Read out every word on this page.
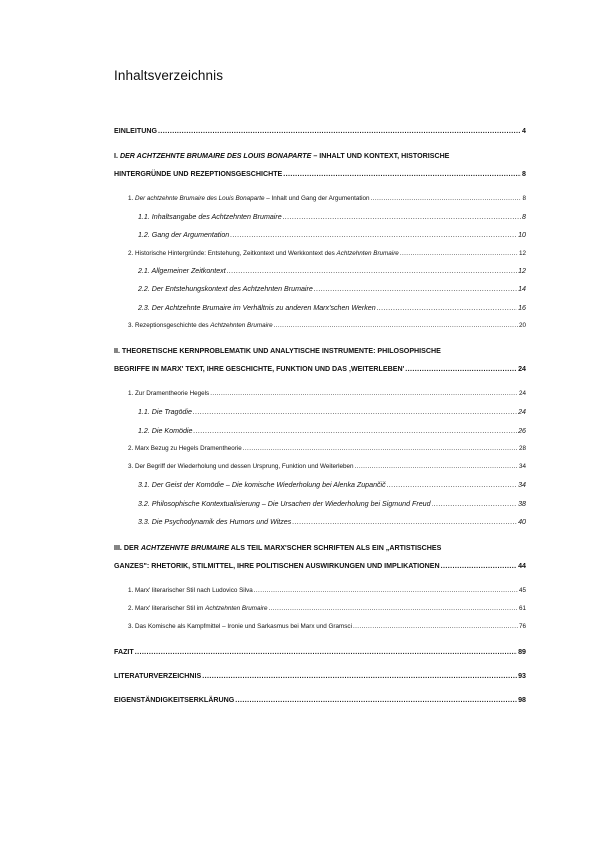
Inhaltsverzeichnis
EINLEITUNG .....	4
I. DER ACHTZEHNTE BRUMAIRE DES LOUIS BONAPARTE – INHALT UND KONTEXT, HISTORISCHE
HINTERGRÜNDE UND REZEPTIONSGESCHICHTE .....	8
1. Der achtzehnte Brumaire des Louis Bonaparte – Inhalt und Gang der Argumentation .....	8
1.1. Inhaltsangabe des Achtzehnten Brumaire .....	8
1.2. Gang der Argumentation .....	10
2. Historische Hintergründe: Entstehung, Zeitkontext und Werkkontext des Achtzehnten Brumaire .....	12
2.1. Allgemeiner Zeitkontext .....	12
2.2. Der Entstehungskontext des Achtzehnten Brumaire .....	14
2.3. Der Achtzehnte Brumaire im Verhältnis zu anderen Marx'schen Werken .....	16
3. Rezeptionsgeschichte des Achtzehnten Brumaire .....	20
II. THEORETISCHE KERNPROBLEMATIK UND ANALYTISCHE INSTRUMENTE: PHILOSOPHISCHE
BEGRIFFE IN MARX' TEXT, IHRE GESCHICHTE, FUNKTION UND DAS ‚WEITERLEBEN' .....	24
1. Zur Dramentheorie Hegels .....	24
1.1. Die Tragödie .....	24
1.2. Die Komödie .....	26
2. Marx Bezug zu Hegels Dramentheorie .....	28
3. Der Begriff der Wiederholung und dessen Ursprung, Funktion und Weiterleben .....	34
3.1. Der Geist der Komödie – Die komische Wiederholung bei Alenka Zupančič .....	34
3.2. Philosophische Kontextualisierung – Die Ursachen der Wiederholung bei Sigmund Freud .....	38
3.3. Die Psychodynamik des Humors und Witzes .....	40
III. DER ACHTZEHNTE BRUMAIRE ALS TEIL MARX'SCHER SCHRIFTEN ALS EIN „ARTISTISCHES
GANZES": RHETORIK, STILMITTEL, IHRE POLITISCHEN AUSWIRKUNGEN UND IMPLIKATIONEN .....	44
1. Marx' literarischer Stil nach Ludovico Silva .....	45
2. Marx' literarischer Stil im Achtzehnten Brumaire .....	61
3. Das Komische als Kampfmittel – Ironie und Sarkasmus bei Marx und Gramsci .....	76
FAZIT .....	89
LITERATURVERZEICHNIS .....	93
EIGENSTÄNDIGKEITSERKLÄRUNG .....	98
